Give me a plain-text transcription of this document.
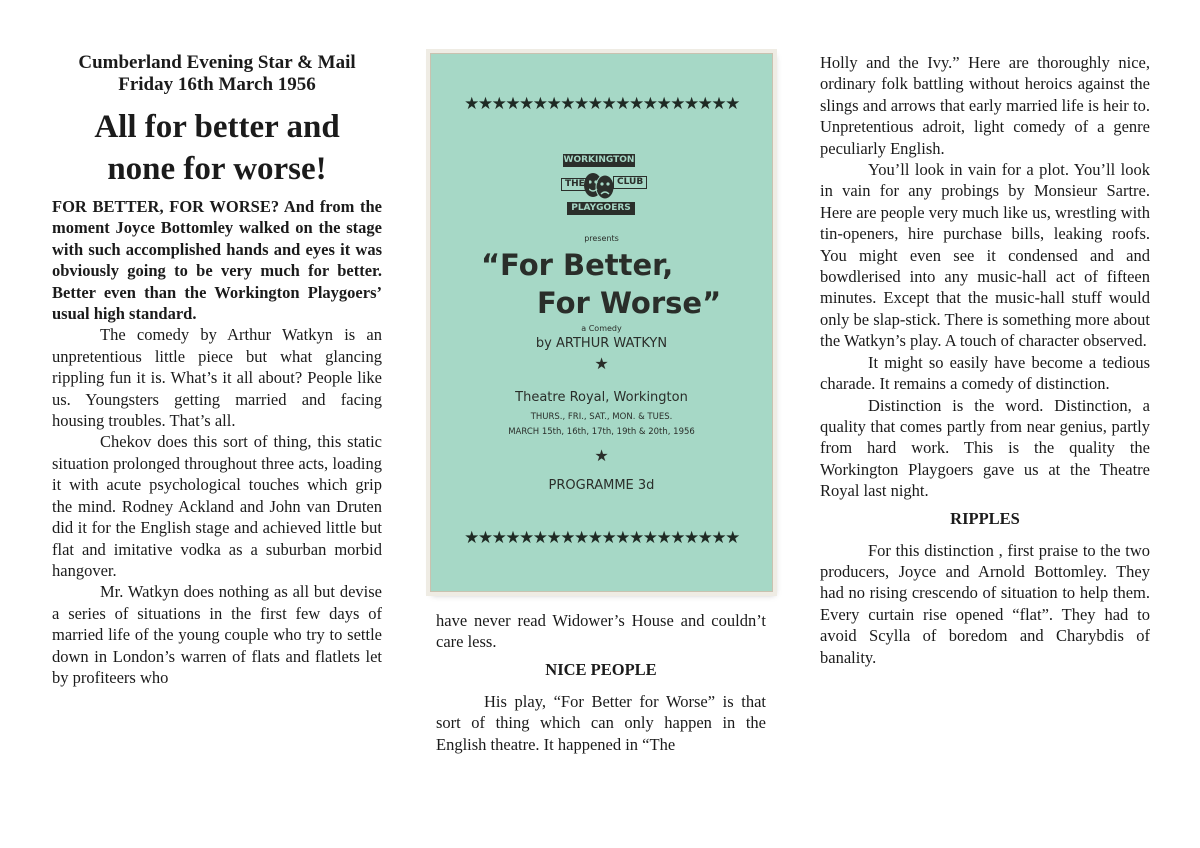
Cumberland Evening Star & Mail
Friday 16th March 1956
All for better and
none for worse!

FOR BETTER, FOR WORSE? And from the moment Joyce Bottomley walked on the stage with such accomplished hands and eyes it was obviously going to be very much for better. Better even than the Workington Playgoers’ usual high standard.

The comedy by Arthur Watkyn is an unpretentious little piece but what glancing rippling fun it is. What’s it all about? People like us. Youngsters getting married and facing housing troubles. That’s all.

Chekov does this sort of thing, this static situation prolonged throughout three acts, loading it with acute psychological touches which grip the mind. Rodney Ackland and John van Druten did it for the English stage and achieved little but flat and imitative vodka as a suburban morbid hangover.

Mr. Watkyn does nothing as all but devise a series of situations in the first few days of married life of the young couple who try to settle down in London’s warren of flats and flatlets let by profiteers who

★★★★★★★★★★★★★★★★★★★★
WORKINGTON
THE	CLUB
PLAYGOERS
presents
“For Better,
For Worse”
a Comedy
by ARTHUR WATKYN
★
Theatre Royal, Workington
THURS., FRI., SAT., MON. & TUES.
MARCH 15th, 16th, 17th, 19th & 20th, 1956
★
PROGRAMME 3d
★★★★★★★★★★★★★★★★★★★★

have never read Widower’s House and couldn’t care less.

NICE PEOPLE

His play, “For Better for Worse” is that sort of thing which can only happen in the English theatre. It happened in “The

Holly and the Ivy.” Here are thoroughly nice, ordinary folk battling without heroics against the slings and arrows that early married life is heir to. Unpretentious adroit, light comedy of a genre peculiarly English.

You’ll look in vain for a plot. You’ll look in vain for any probings by Monsieur Sartre. Here are people very much like us, wrestling with tin-openers, hire purchase bills, leaking roofs. You might even see it condensed and and bowdlerised into any music-hall act of fifteen minutes. Except that the music-hall stuff would only be slap-stick. There is something more about the Watkyn’s play. A touch of character observed.

It might so easily have become a tedious charade. It remains a comedy of distinction.

Distinction is the word. Distinction, a quality that comes partly from near genius, partly from hard work. This is the quality the Workington Playgoers gave us at the Theatre Royal last night.

RIPPLES

For this distinction , first praise to the two producers, Joyce and Arnold Bottomley. They had no rising crescendo of situation to help them. Every curtain rise opened “flat”. They had to avoid Scylla of boredom and Charybdis of banality.
